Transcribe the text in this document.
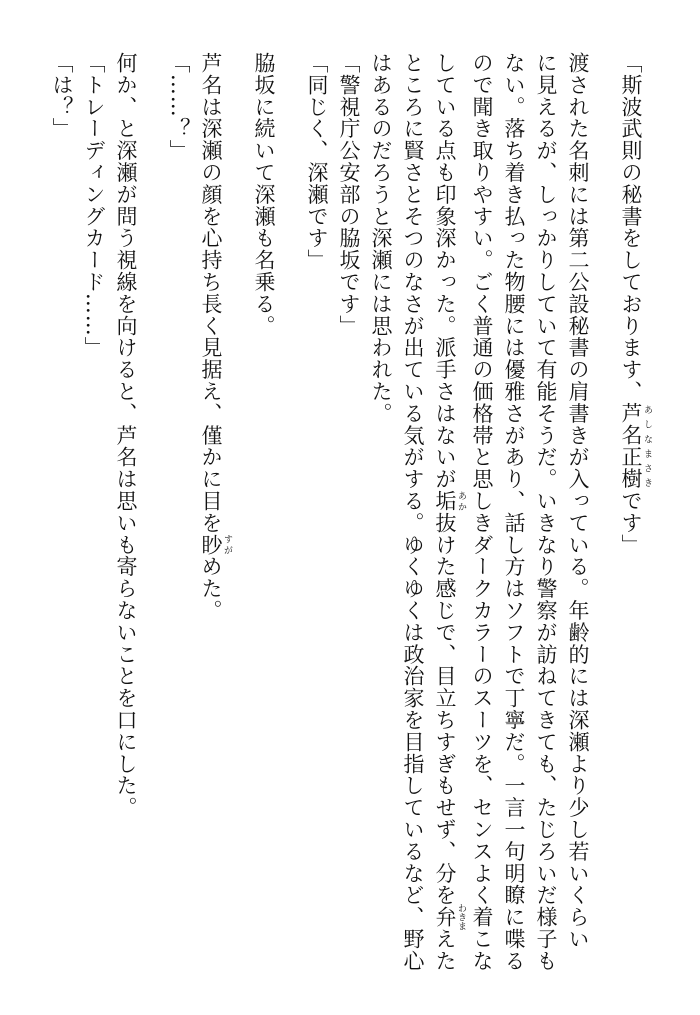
「斯波武則の秘書をしております、芦名正樹 あしなまさきです」
渡された名刺には第二公設秘書の肩書きが入っている。年齢的には深瀬より少し若いくらい
に見えるが、しっかりしていて有能そうだ。いきなり警察が訪ねてきても、たじろいだ様子も
ない。落ち着き払った物腰には優雅さがあり、話し方はソフトで丁寧だ。一言一句明瞭に喋る
ので聞き取りやすい。ごく普通の価格帯と思しきダークカラーのスーツを、センスよく着こな
している点も印象深かった。派手さはないが垢 あか抜けた感じで、目立ちすぎもせず、分を弁 わきまえた
ところに賢さとそつのなさが出ている気がする。ゆくゆくは政治家を目指しているなど、野心
はあるのだろうと深瀬には思われた。
「警視庁公安部の脇坂です」
「同じく、深瀬です」
脇坂に続いて深瀬も名乗る。
芦名は深瀬の顔を心持ち長く見据え、僅かに目を眇 すがめた。
「……？」
何か、と深瀬が問う視線を向けると、芦名は思いも寄らないことを口にした。
「トレーディングカード……」
「は？」
